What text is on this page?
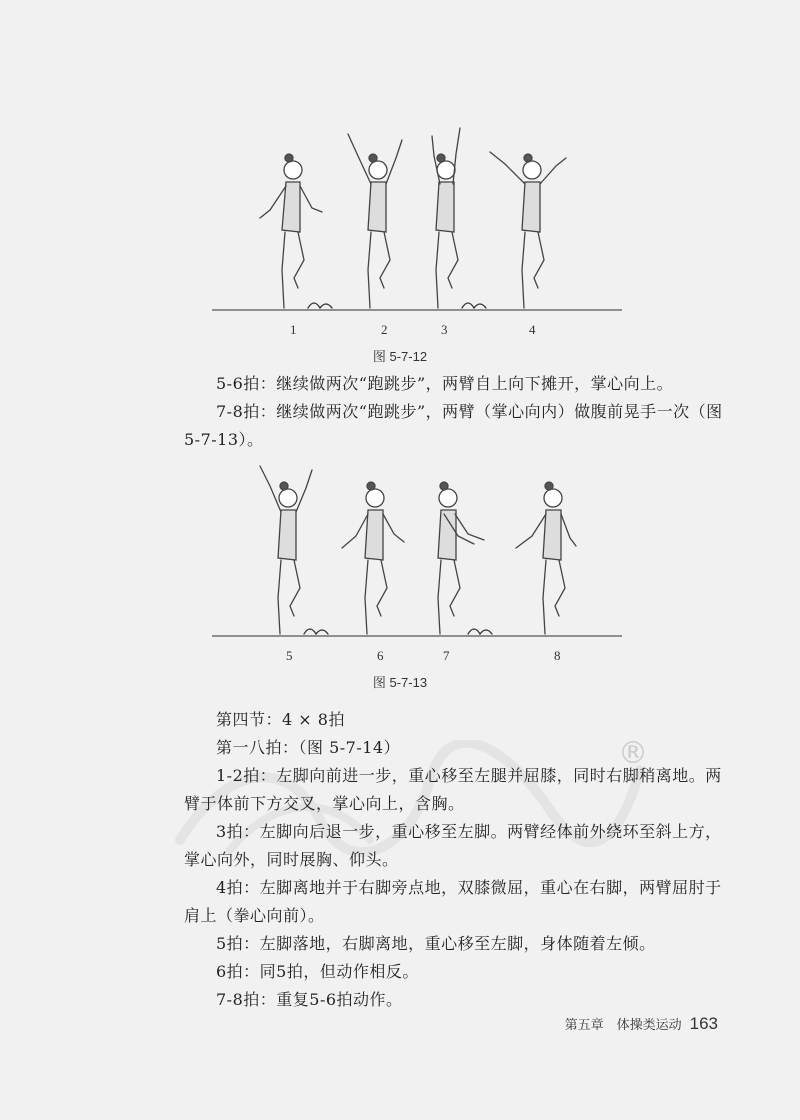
1	2	3	4
图 5-7-12
5-6拍：继续做两次“跑跳步”，两臂自上向下摊开，掌心向上。
7-8拍：继续做两次“跑跳步”，两臂（掌心向内）做腹前晃手一次（图 5-7-13）。
5	6	7	8
图 5-7-13
®
第四节：4 × 8拍
第一八拍：（图 5-7-14）
1-2拍：左脚向前进一步，重心移至左腿并屈膝，同时右脚稍离地。两臂于体前下方交叉，掌心向上，含胸。
3拍：左脚向后退一步，重心移至左脚。两臂经体前外绕环至斜上方，掌心向外，同时展胸、仰头。
4拍：左脚离地并于右脚旁点地，双膝微屈，重心在右脚，两臂屈肘于肩上（拳心向前）。
5拍：左脚落地，右脚离地，重心移至左脚，身体随着左倾。
6拍：同5拍，但动作相反。
7-8拍：重复5-6拍动作。
第五章　体操类运动 163
